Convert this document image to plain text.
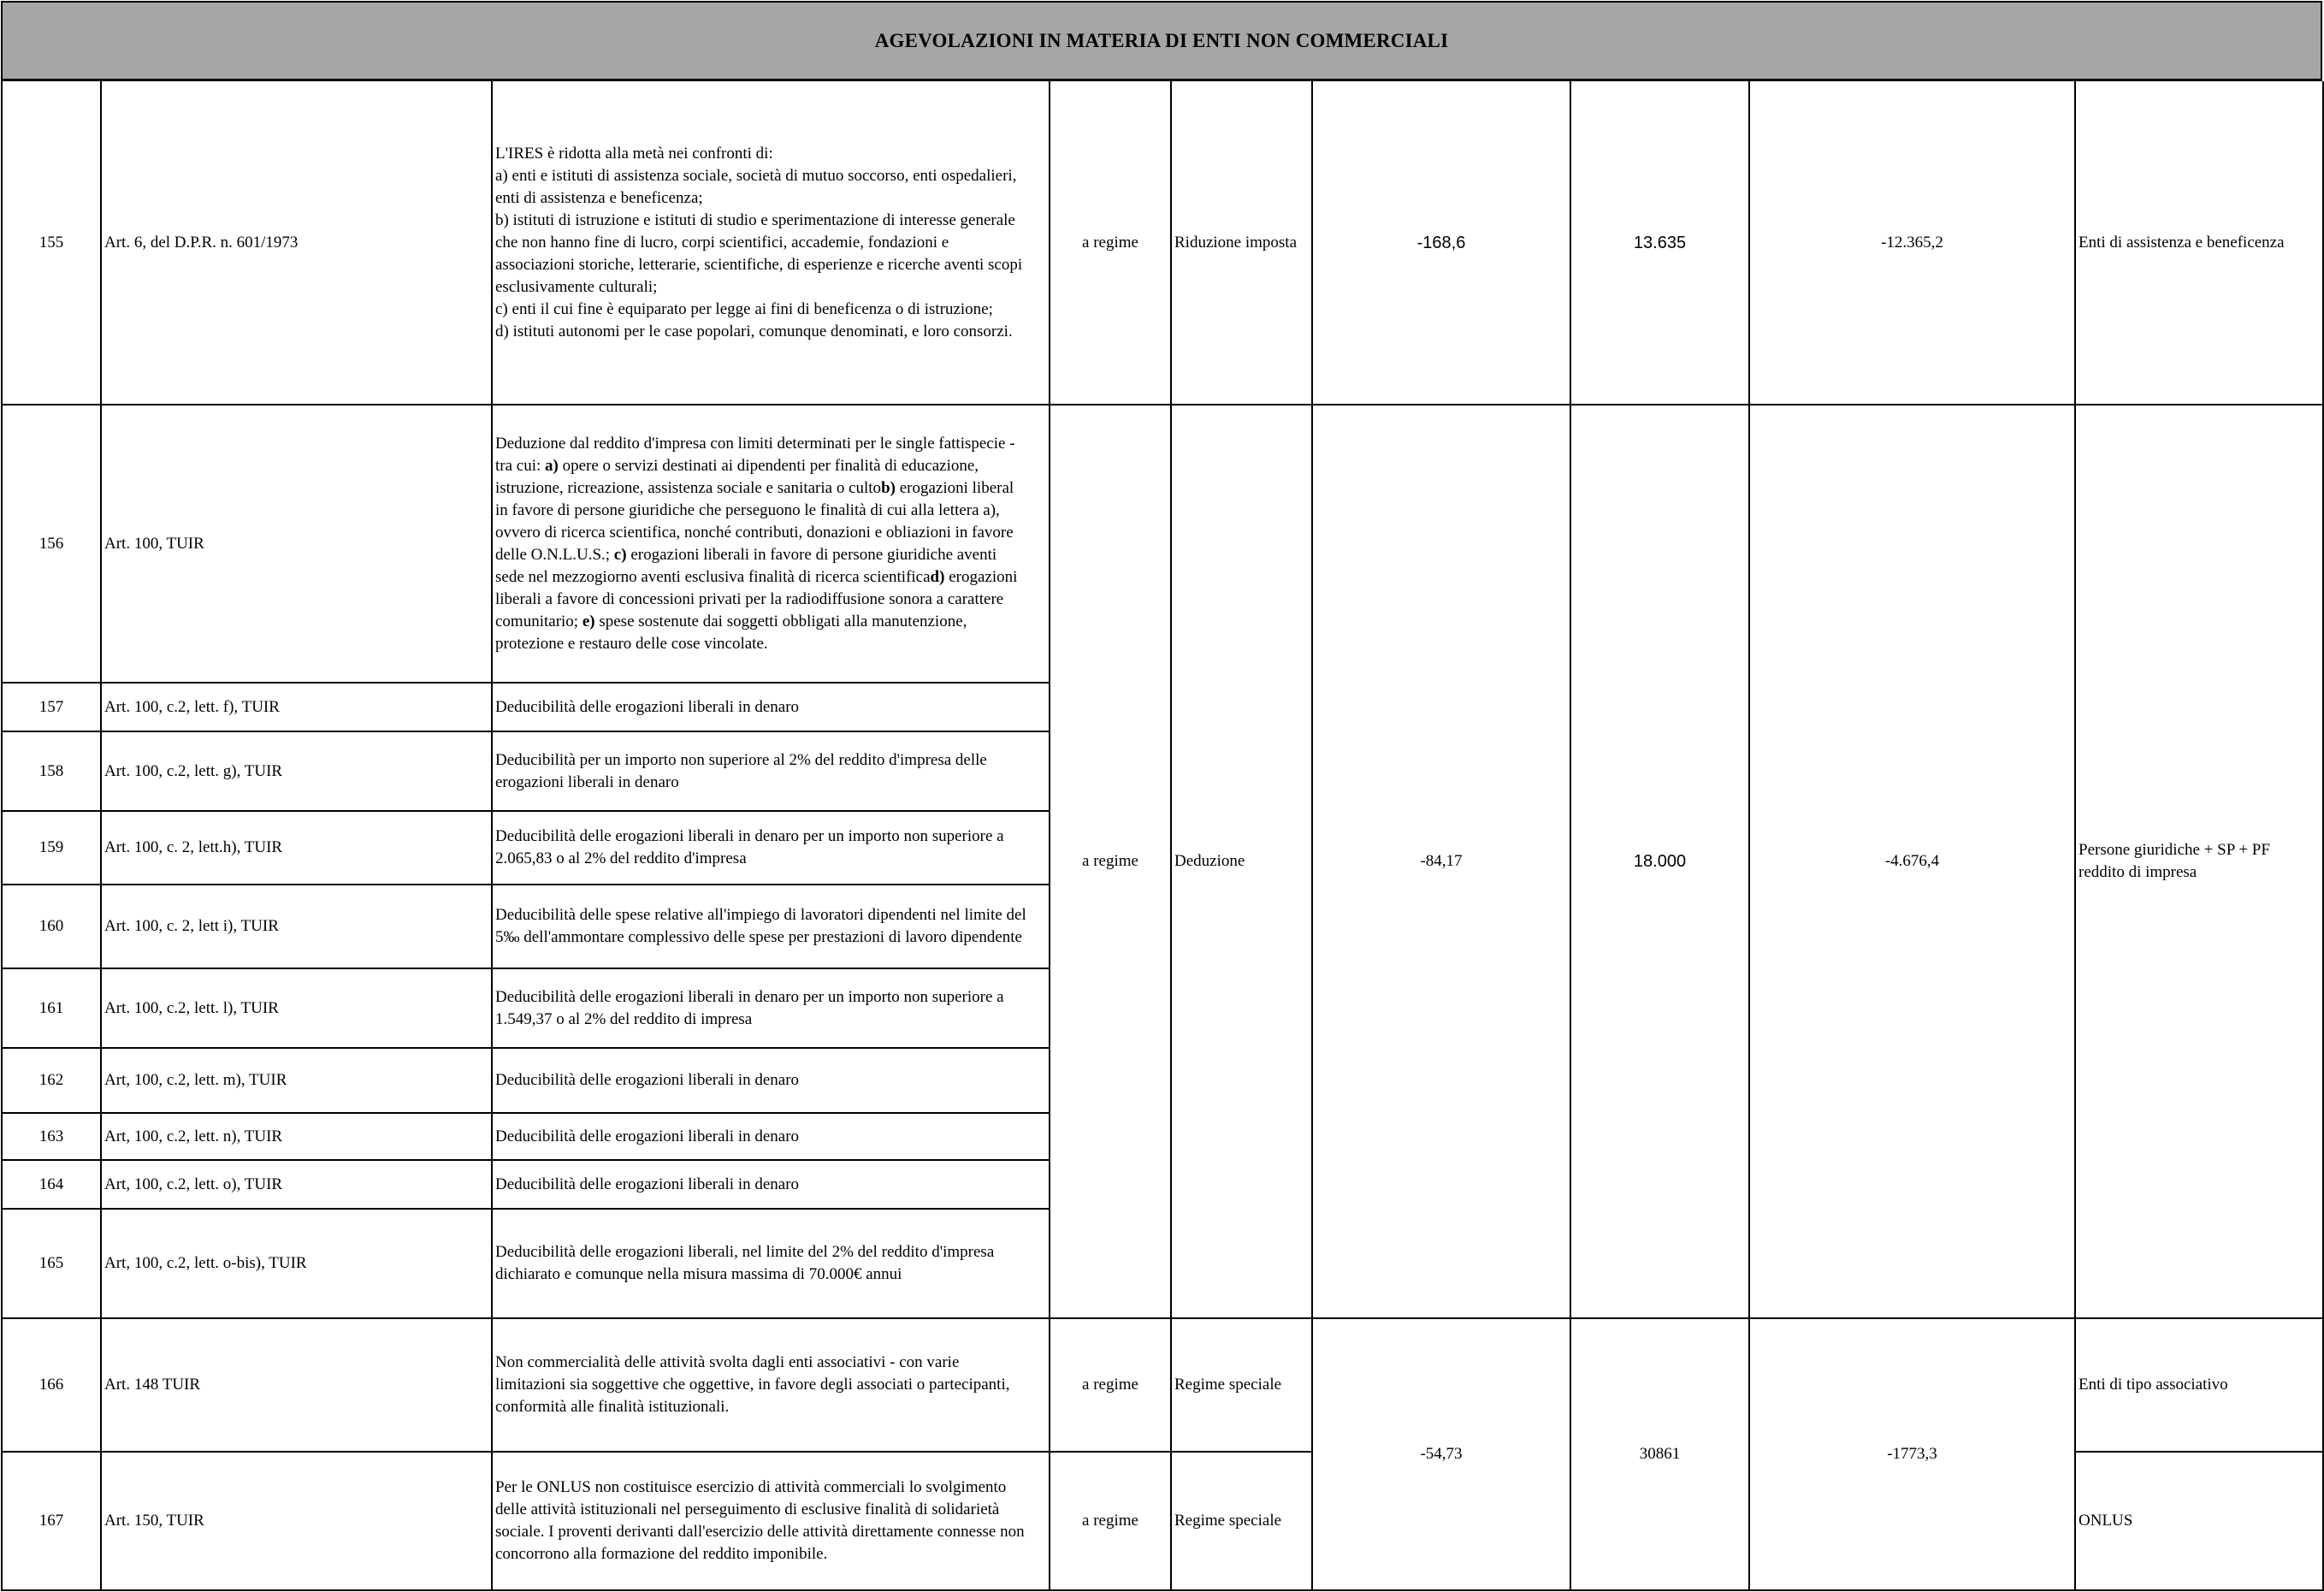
AGEVOLAZIONI IN MATERIA DI ENTI NON COMMERCIALI
155	Art. 6, del D.P.R. n. 601/1973
L'IRES è ridotta alla metà nei confronti di:
a) enti e istituti di assistenza sociale, società di mutuo soccorso, enti ospedalieri,
enti di assistenza e beneficenza;
b) istituti di istruzione e istituti di studio e sperimentazione di interesse generale
che non hanno fine di lucro, corpi scientifici, accademie, fondazioni e
associazioni storiche, letterarie, scientifiche, di esperienze e ricerche aventi scopi
esclusivamente culturali;
c) enti il cui fine è equiparato per legge ai fini di beneficenza o di istruzione;
d) istituti autonomi per le case popolari, comunque denominati, e loro consorzi.
a regime	Riduzione imposta	-168,6	13.635	-12.365,2	Enti di assistenza e beneficenza
156	Art. 100, TUIR
Deduzione dal reddito d'impresa con limiti determinati per le single fattispecie -
tra cui: a) opere o servizi destinati ai dipendenti per finalità di educazione,
istruzione, ricreazione, assistenza sociale e sanitaria o cultob) erogazioni liberal
in favore di persone giuridiche che perseguono le finalità di cui alla lettera a),
ovvero di ricerca scientifica, nonché contributi, donazioni e obliazioni in favore
delle O.N.L.U.S.; c) erogazioni liberali in favore di persone giuridiche aventi
sede nel mezzogiorno aventi esclusiva finalità di ricerca scientificad) erogazioni
liberali a favore di concessioni privati per la radiodiffusione sonora a carattere
comunitario; e) spese sostenute dai soggetti obbligati alla manutenzione,
protezione e restauro delle cose vincolate.
a regime	Deduzione	-84,17	18.000	-4.676,4
Persone giuridiche + SP + PF reddito di impresa
157	Art. 100, c.2, lett. f), TUIR	Deducibilità delle erogazioni liberali in denaro
158	Art. 100, c.2, lett. g), TUIR
Deducibilità per un importo non superiore al 2% del reddito d'impresa delle
erogazioni liberali in denaro
159	Art. 100, c. 2, lett.h), TUIR
Deducibilità delle erogazioni liberali in denaro per un importo non superiore a
2.065,83 o al 2% del reddito d'impresa
160	Art. 100, c. 2, lett i), TUIR
Deducibilità delle spese relative all'impiego di lavoratori dipendenti nel limite del
5‰ dell'ammontare complessivo delle spese per prestazioni di lavoro dipendente
161	Art. 100, c.2, lett. l), TUIR
Deducibilità delle erogazioni liberali in denaro per un importo non superiore a
1.549,37 o al 2% del reddito di impresa
162	Art, 100, c.2, lett. m), TUIR	Deducibilità delle erogazioni liberali in denaro
163	Art, 100, c.2, lett. n), TUIR	Deducibilità delle erogazioni liberali in denaro
164	Art, 100, c.2, lett. o), TUIR	Deducibilità delle erogazioni liberali in denaro
165	Art, 100, c.2, lett. o-bis), TUIR
Deducibilità delle erogazioni liberali, nel limite del 2% del reddito d'impresa
dichiarato e comunque nella misura massima di 70.000€ annui
166	Art. 148 TUIR
Non commercialità delle attività svolta dagli enti associativi - con varie
limitazioni sia soggettive che oggettive, in favore degli associati o partecipanti,
conformità alle finalità istituzionali.
a regime	Regime speciale
-54,73	30861	-1773,3
Enti di tipo associativo
167	Art. 150, TUIR
Per le ONLUS non costituisce esercizio di attività commerciali lo svolgimento
delle attività istituzionali nel perseguimento di esclusive finalità di solidarietà
sociale. I proventi derivanti dall'esercizio delle attività direttamente connesse non
concorrono alla formazione del reddito imponibile.
a regime	Regime speciale	ONLUS
